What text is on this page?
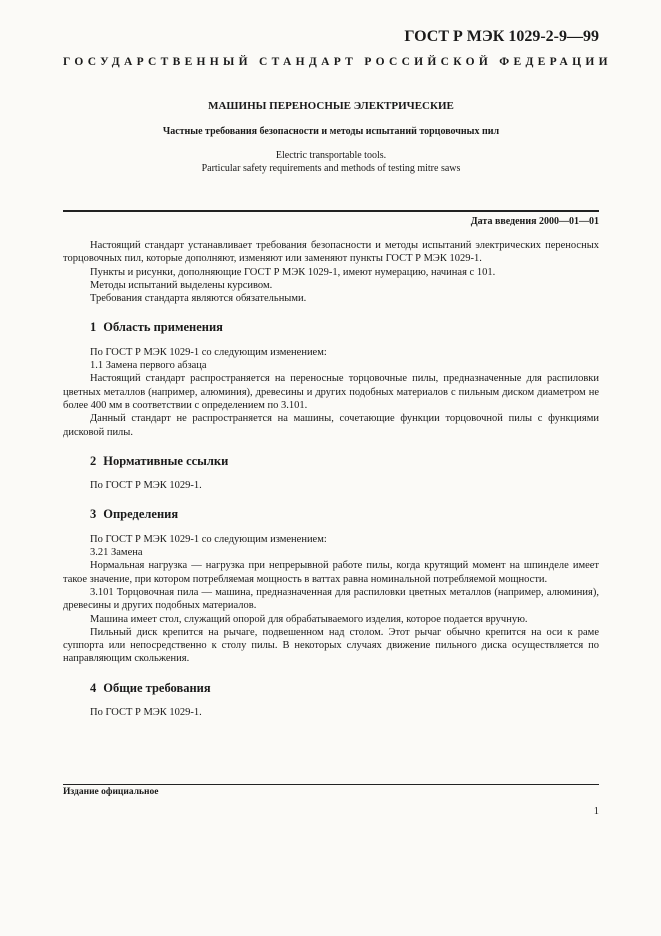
ГОСТ Р МЭК 1029-2-9—99
ГОСУДАРСТВЕННЫЙ СТАНДАРТ РОССИЙСКОЙ ФЕДЕРАЦИИ
МАШИНЫ ПЕРЕНОСНЫЕ ЭЛЕКТРИЧЕСКИЕ
Частные требования безопасности и методы испытаний торцовочных пил
Electric transportable tools.
Particular safety requirements and methods of testing mitre saws
Дата введения 2000—01—01

Настоящий стандарт устанавливает требования безопасности и методы испытаний электрических переносных торцовочных пил, которые дополняют, изменяют или заменяют пункты ГОСТ Р МЭК 1029-1.

Пункты и рисунки, дополняющие ГОСТ Р МЭК 1029-1, имеют нумерацию, начиная с 101.

Методы испытаний выделены курсивом.

Требования стандарта являются обязательными.

1 Область применения

По ГОСТ Р МЭК 1029-1 со следующим изменением:

1.1 Замена первого абзаца

Настоящий стандарт распространяется на переносные торцовочные пилы, предназначенные для распиловки цветных металлов (например, алюминия), древесины и других подобных материалов с пильным диском диаметром не более 400 мм в соответствии с определением по 3.101.

Данный стандарт не распространяется на машины, сочетающие функции торцовочной пилы с функциями дисковой пилы.

2 Нормативные ссылки

По ГОСТ Р МЭК 1029-1.

3 Определения

По ГОСТ Р МЭК 1029-1 со следующим изменением:

3.21 Замена

Нормальная нагрузка — нагрузка при непрерывной работе пилы, когда крутящий момент на шпинделе имеет такое значение, при котором потребляемая мощность в ваттах равна номинальной потребляемой мощности.

3.101 Торцовочная пила — машина, предназначенная для распиловки цветных металлов (например, алюминия), древесины и других подобных материалов.

Машина имеет стол, служащий опорой для обрабатываемого изделия, которое подается вручную.

Пильный диск крепится на рычаге, подвешенном над столом. Этот рычаг обычно крепится на оси к раме суппорта или непосредственно к столу пилы. В некоторых случаях движение пильного диска осуществляется по направляющим скольжения.

4 Общие требования

По ГОСТ Р МЭК 1029-1.

Издание официальное
1
